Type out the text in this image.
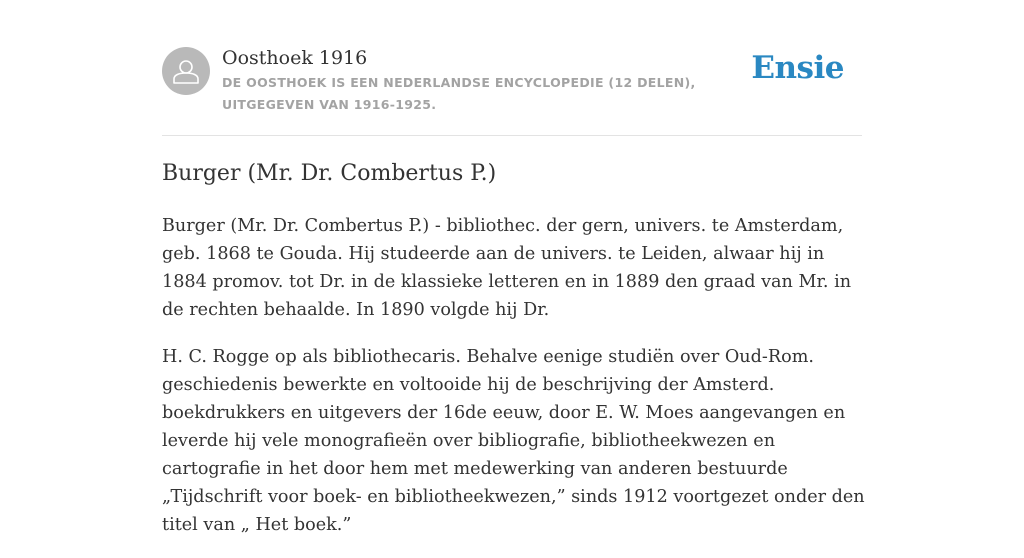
Oosthoek 1916
DE OOSTHOEK IS EEN NEDERLANDSE ENCYCLOPEDIE (12 DELEN), UITGEGEVEN VAN 1916-1925.
Ensie
Burger (Mr. Dr. Combertus P.)

Burger (Mr. Dr. Combertus P.) - bibliothec. der gern, univers. te Amsterdam, geb. 1868 te Gouda. Hij studeerde aan de univers. te Leiden, alwaar hij in 1884 promov. tot Dr. in de klassieke letteren en in 1889 den graad van Mr. in de rechten behaalde. In 1890 volgde hij Dr.

H. C. Rogge op als bibliothecaris. Behalve eenige studiën over Oud-Rom. geschiedenis bewerkte en voltooide hij de beschrijving der Amsterd. boekdrukkers en uitgevers der 16de eeuw, door E. W. Moes aangevangen en leverde hij vele monografieën over bibliografie, bibliotheekwezen en cartografie in het door hem met medewerking van anderen bestuurde „Tijdschrift voor boek- en bibliotheekwezen,” sinds 1912 voortgezet onder den titel van „ Het boek.”
